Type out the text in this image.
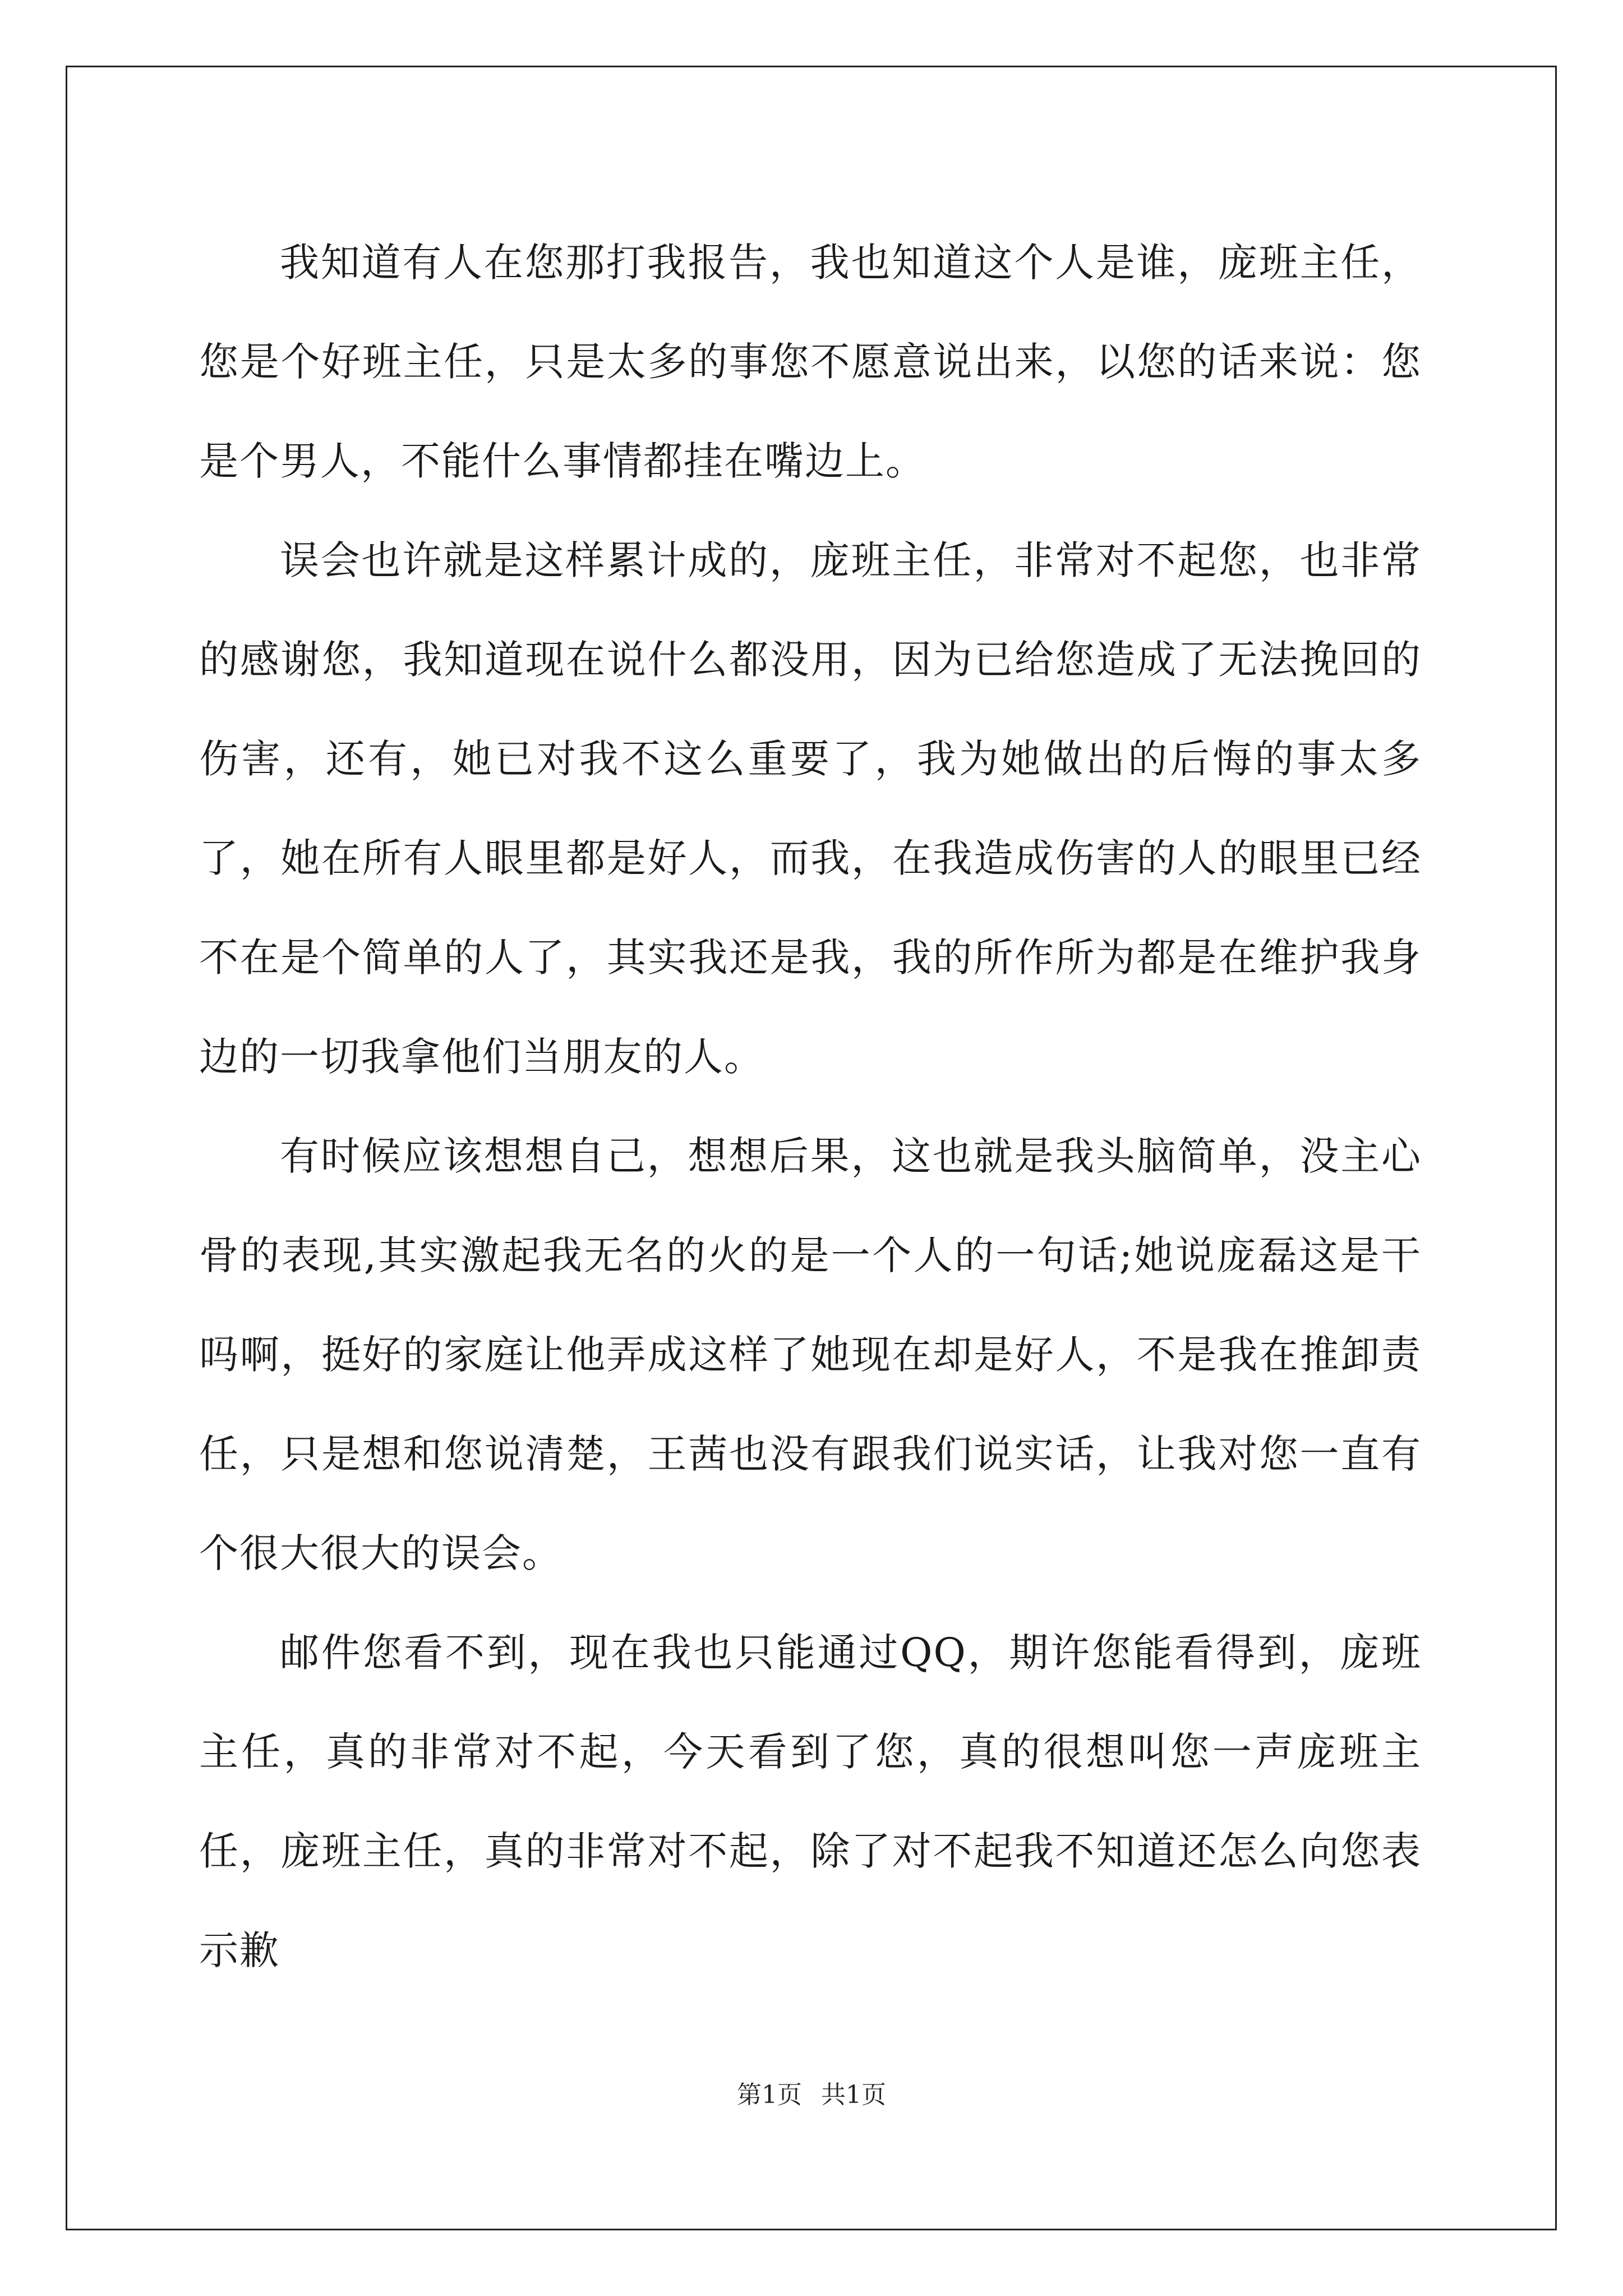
我知道有人在您那打我报告，我也知道这个人是谁，庞班主任，您是个好班主任，只是太多的事您不愿意说出来，以您的话来说：您是个男人，不能什么事情都挂在嘴边上。

误会也许就是这样累计成的，庞班主任，非常对不起您，也非常的感谢您，我知道现在说什么都没用，因为已给您造成了无法挽回的伤害，还有，她已对我不这么重要了，我为她做出的后悔的事太多了，她在所有人眼里都是好人，而我，在我造成伤害的人的眼里已经不在是个简单的人了，其实我还是我，我的所作所为都是在维护我身边的一切我拿他们当朋友的人。

有时候应该想想自己，想想后果，这也就是我头脑简单，没主心骨的表现,其实激起我无名的火的是一个人的一句话;她说庞磊这是干吗啊，挺好的家庭让他弄成这样了她现在却是好人，不是我在推卸责任，只是想和您说清楚，王茜也没有跟我们说实话，让我对您一直有个很大很大的误会。

邮件您看不到，现在我也只能通过QQ，期许您能看得到，庞班主任，真的非常对不起，今天看到了您，真的很想叫您一声庞班主任，庞班主任，真的非常对不起，除了对不起我不知道还怎么向您表示歉

第1页 共1页
